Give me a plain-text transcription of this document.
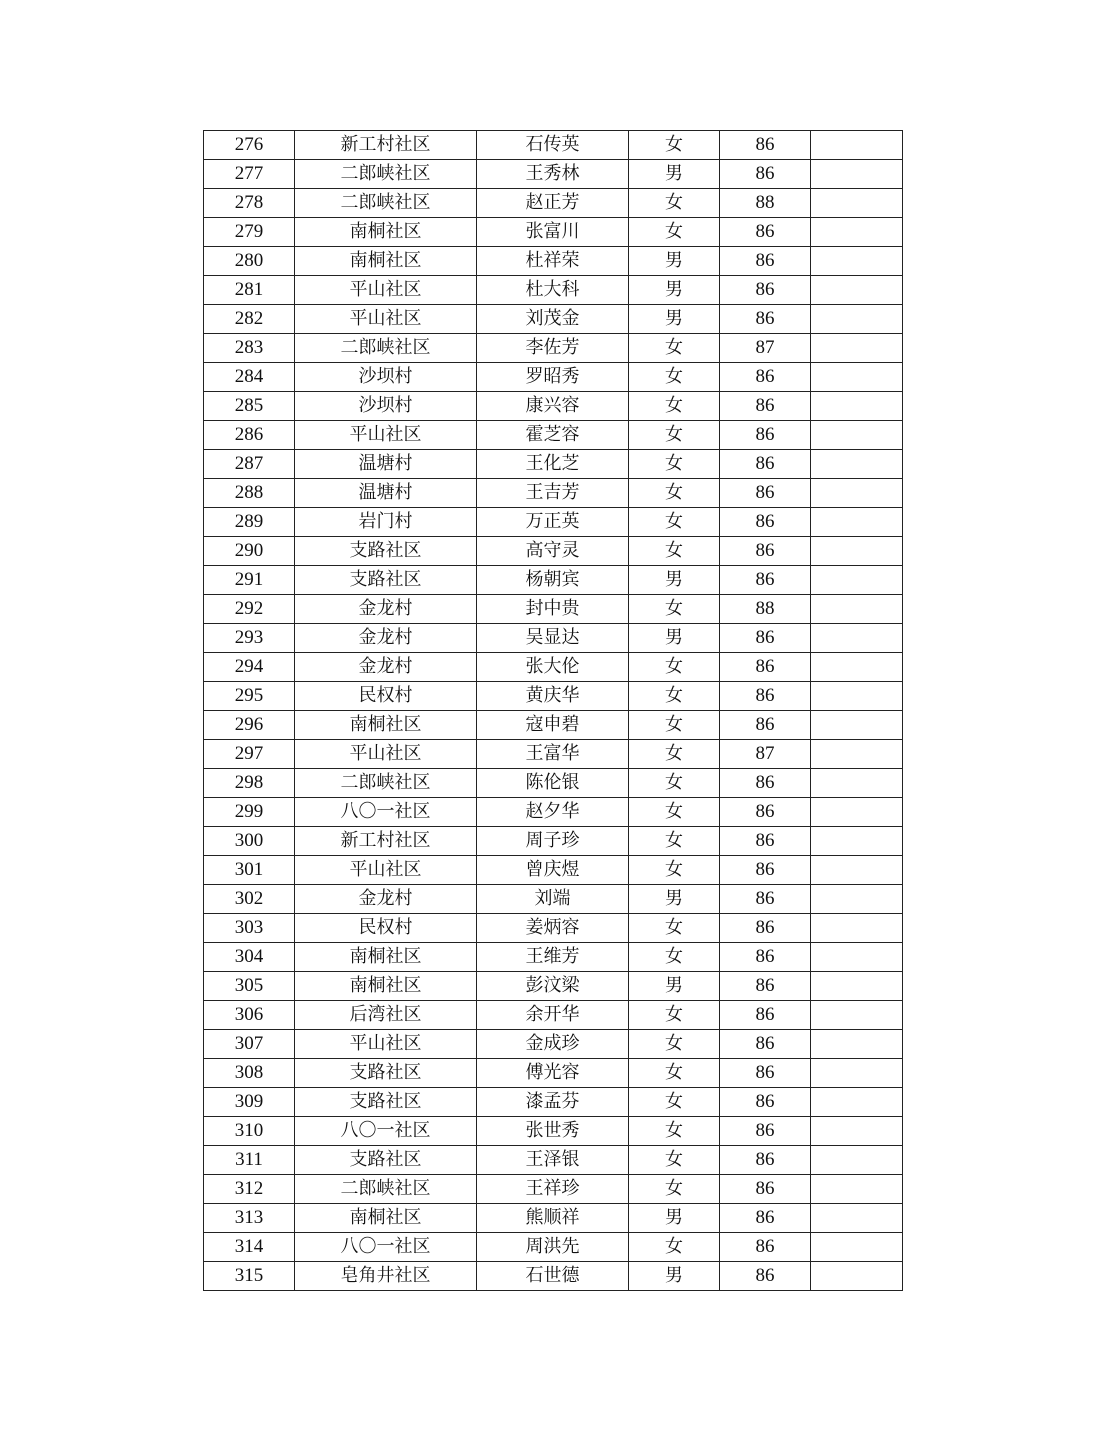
276	新工村社区	石传英	女	86	
277	二郎峡社区	王秀林	男	86	
278	二郎峡社区	赵正芳	女	88	
279	南桐社区	张富川	女	86	
280	南桐社区	杜祥荣	男	86	
281	平山社区	杜大科	男	86	
282	平山社区	刘茂金	男	86	
283	二郎峡社区	李佐芳	女	87	
284	沙坝村	罗昭秀	女	86	
285	沙坝村	康兴容	女	86	
286	平山社区	霍芝容	女	86	
287	温塘村	王化芝	女	86	
288	温塘村	王吉芳	女	86	
289	岩门村	万正英	女	86	
290	支路社区	高守灵	女	86	
291	支路社区	杨朝宾	男	86	
292	金龙村	封中贵	女	88	
293	金龙村	吴显达	男	86	
294	金龙村	张大伦	女	86	
295	民权村	黄庆华	女	86	
296	南桐社区	寇申碧	女	86	
297	平山社区	王富华	女	87	
298	二郎峡社区	陈伦银	女	86	
299	八〇一社区	赵夕华	女	86	
300	新工村社区	周子珍	女	86	
301	平山社区	曾庆煜	女	86	
302	金龙村	刘端	男	86	
303	民权村	姜炳容	女	86	
304	南桐社区	王维芳	女	86	
305	南桐社区	彭汶梁	男	86	
306	后湾社区	余开华	女	86	
307	平山社区	金成珍	女	86	
308	支路社区	傅光容	女	86	
309	支路社区	漆孟芬	女	86	
310	八〇一社区	张世秀	女	86	
311	支路社区	王泽银	女	86	
312	二郎峡社区	王祥珍	女	86	
313	南桐社区	熊顺祥	男	86	
314	八〇一社区	周洪先	女	86	
315	皂角井社区	石世德	男	86	
